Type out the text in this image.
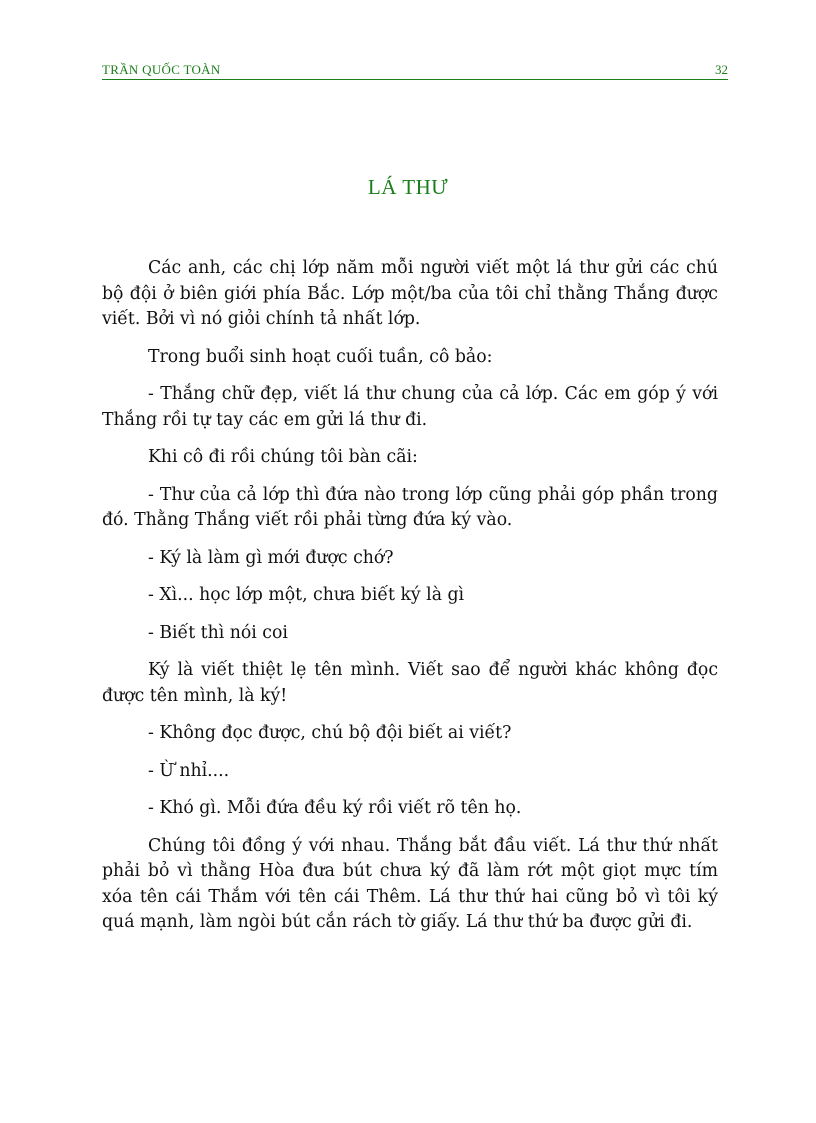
TRẦN QUỐC TOÀN	32
LÁ THƯ

Các anh, các chị lớp năm mỗi người viết một lá thư gửi các chú bộ đội ở biên giới phía Bắc. Lớp một/ba của tôi chỉ thằng Thắng được viết. Bởi vì nó giỏi chính tả nhất lớp.

Trong buổi sinh hoạt cuối tuần, cô bảo:

- Thắng chữ đẹp, viết lá thư chung của cả lớp. Các em góp ý với Thắng rồi tự tay các em gửi lá thư đi.

Khi cô đi rồi chúng tôi bàn cãi:

- Thư của cả lớp thì đứa nào trong lớp cũng phải góp phần trong đó. Thằng Thắng viết rồi phải từng đứa ký vào.

- Ký là làm gì mới được chớ?

- Xì... học lớp một, chưa biết ký là gì

- Biết thì nói coi

Ký là viết thiệt lẹ tên mình. Viết sao để người khác không đọc được tên mình, là ký!

- Không đọc được, chú bộ đội biết ai viết?

- Ừ nhỉ....

- Khó gì. Mỗi đứa đều ký rồi viết rõ tên họ.

Chúng tôi đồng ý với nhau. Thắng bắt đầu viết. Lá thư thứ nhất phải bỏ vì thằng Hòa đưa bút chưa ký đã làm rớt một giọt mực tím xóa tên cái Thắm với tên cái Thêm. Lá thư thứ hai cũng bỏ vì tôi ký quá mạnh, làm ngòi bút cắn rách tờ giấy. Lá thư thứ ba được gửi đi.
